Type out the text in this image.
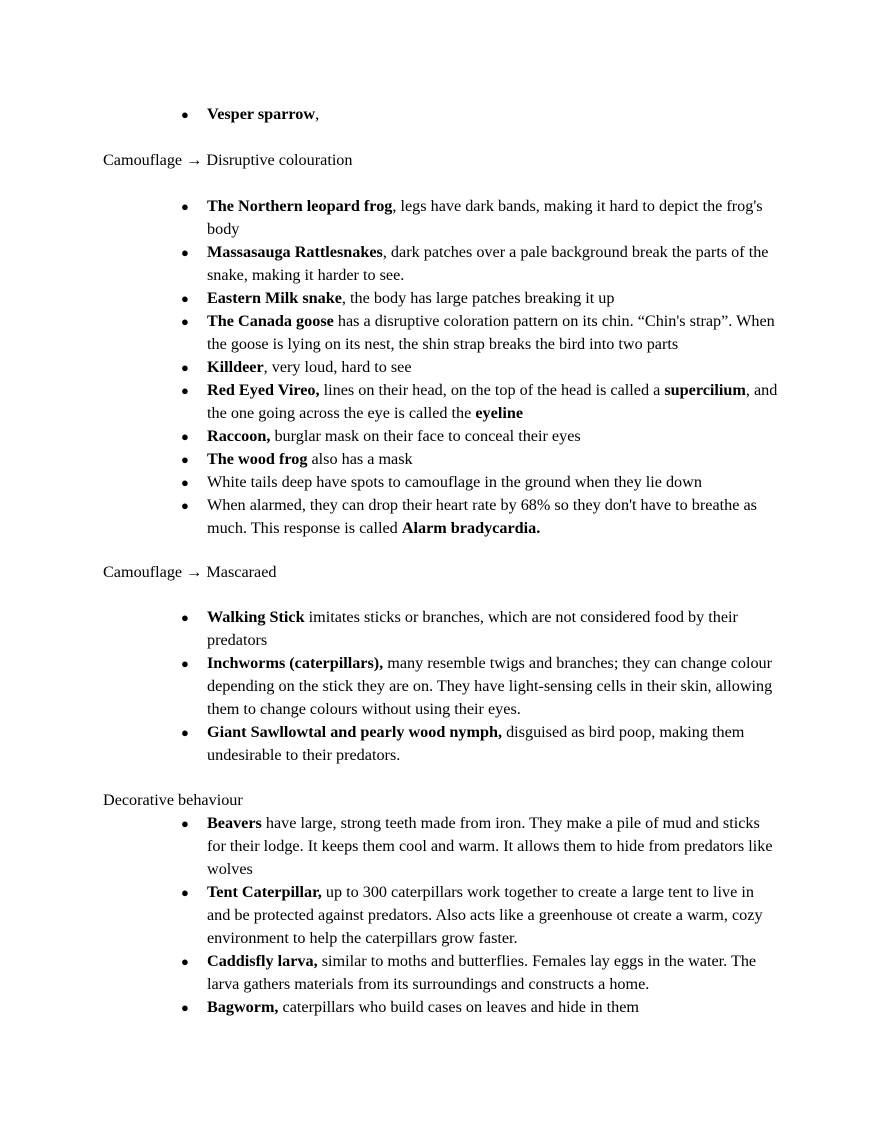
● Vesper sparrow,
Camouflage → Disruptive colouration
● The Northern leopard frog, legs have dark bands, making it hard to depict the frog's body
● Massasauga Rattlesnakes, dark patches over a pale background break the parts of the snake, making it harder to see.
● Eastern Milk snake, the body has large patches breaking it up
● The Canada goose has a disruptive coloration pattern on its chin. “Chin's strap”. When the goose is lying on its nest, the shin strap breaks the bird into two parts
● Killdeer, very loud, hard to see
● Red Eyed Vireo, lines on their head, on the top of the head is called a supercilium, and the one going across the eye is called the eyeline
● Raccoon, burglar mask on their face to conceal their eyes
● The wood frog also has a mask
● White tails deep have spots to camouflage in the ground when they lie down
● When alarmed, they can drop their heart rate by 68% so they don't have to breathe as much. This response is called Alarm bradycardia.
Camouflage → Mascaraed
● Walking Stick imitates sticks or branches, which are not considered food by their predators
● Inchworms (caterpillars), many resemble twigs and branches; they can change colour depending on the stick they are on. They have light-sensing cells in their skin, allowing them to change colours without using their eyes.
● Giant Sawllowtal and pearly wood nymph, disguised as bird poop, making them undesirable to their predators.
Decorative behaviour
● Beavers have large, strong teeth made from iron. They make a pile of mud and sticks for their lodge. It keeps them cool and warm. It allows them to hide from predators like wolves
● Tent Caterpillar, up to 300 caterpillars work together to create a large tent to live in and be protected against predators. Also acts like a greenhouse ot create a warm, cozy environment to help the caterpillars grow faster.
● Caddisfly larva, similar to moths and butterflies. Females lay eggs in the water. The larva gathers materials from its surroundings and constructs a home.
● Bagworm, caterpillars who build cases on leaves and hide in them
